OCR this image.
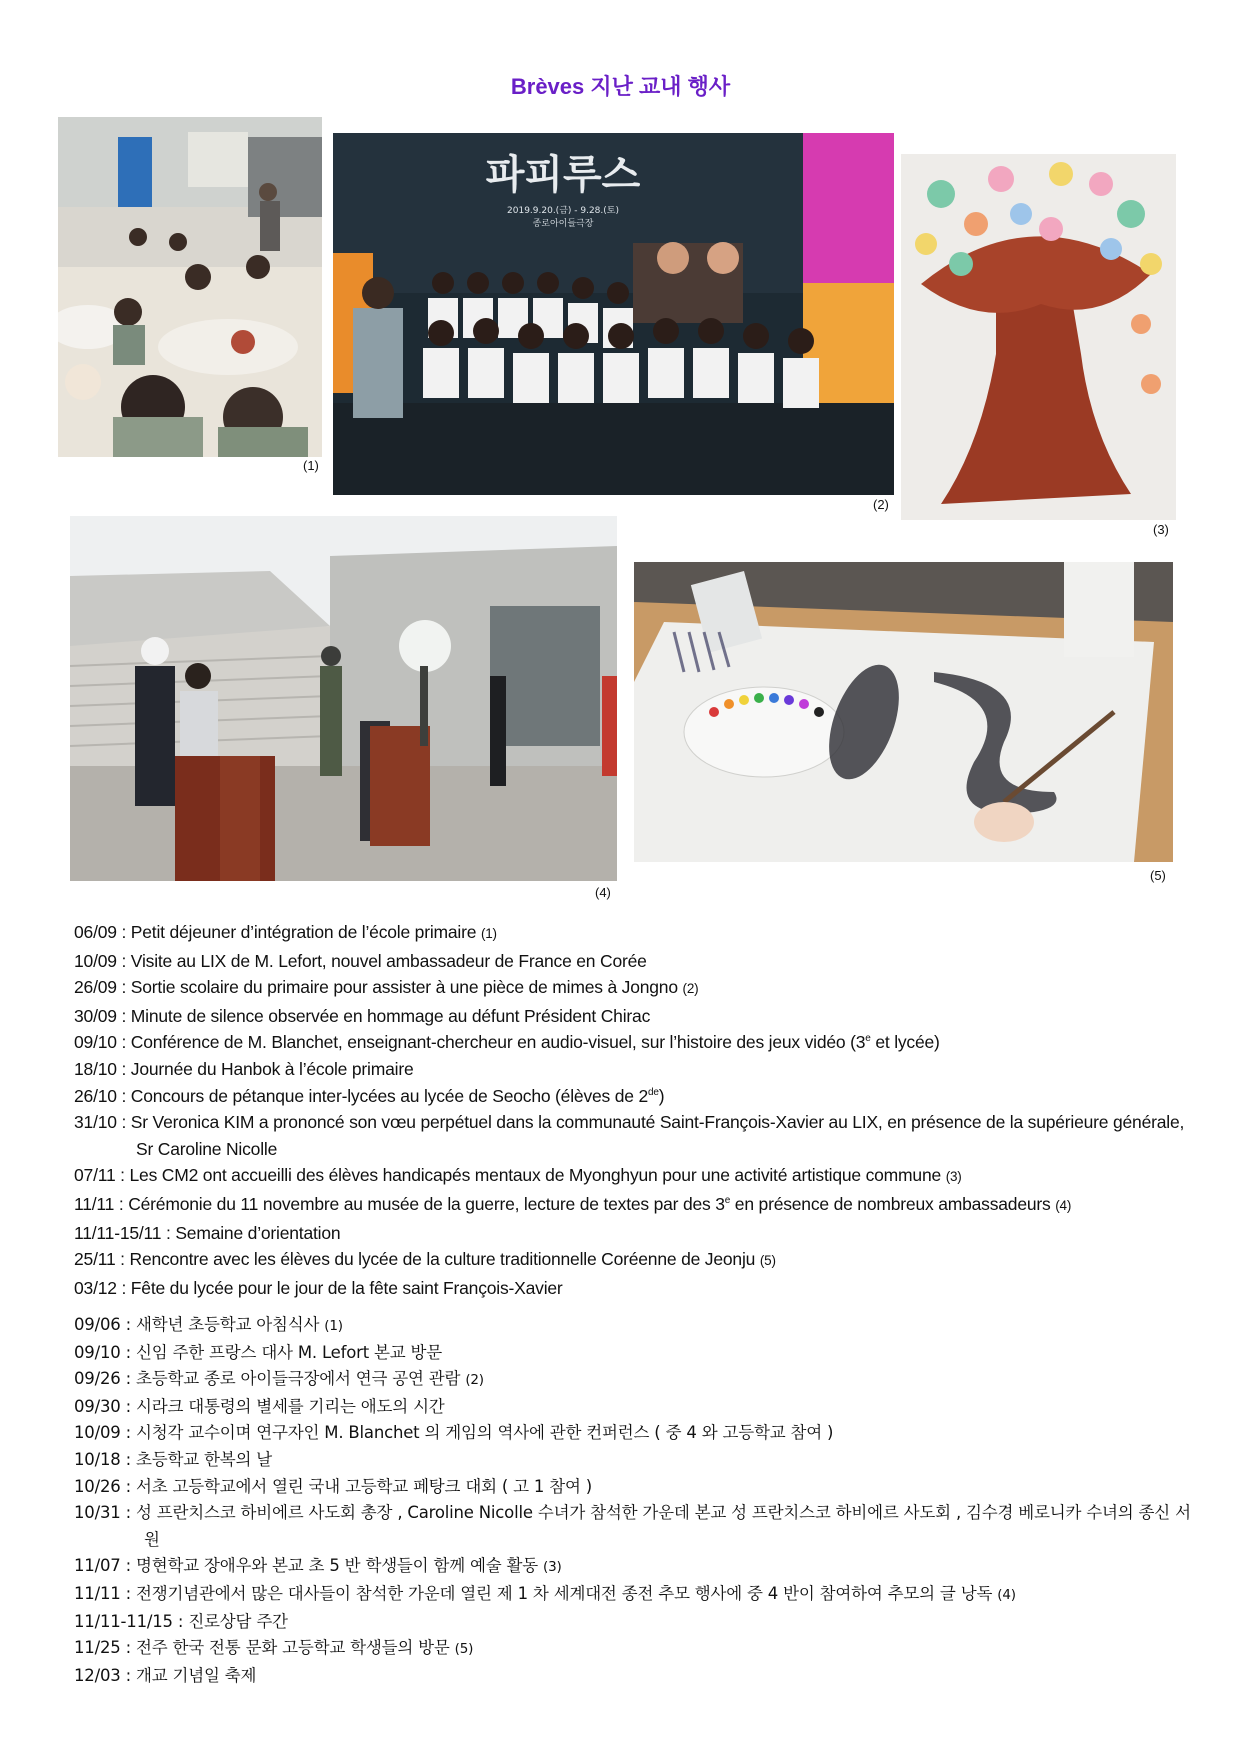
Brèves 지난 교내 행사
(1)
파피루스
2019.9.20.(금) - 9.28.(토)
종로아이들극장
(2)
(3)
(4)
(5)
06/09 : Petit déjeuner d’intégration de l’école primaire (1)
10/09 : Visite au LIX de M. Lefort, nouvel ambassadeur de France en Corée
26/09 : Sortie scolaire du primaire pour assister à une pièce de mimes à Jongno (2)
30/09 : Minute de silence observée en hommage au défunt Président Chirac
09/10 : Conférence de M. Blanchet, enseignant-chercheur en audio-visuel, sur l’histoire des jeux vidéo (3e et lycée)
18/10 : Journée du Hanbok à l’école primaire
26/10 : Concours de pétanque inter-lycées au lycée de Seocho (élèves de 2de)
31/10 : Sr Veronica KIM a prononcé son vœu perpétuel dans la communauté Saint-François-Xavier au LIX, en présence de la supérieure générale, Sr Caroline Nicolle
07/11 : Les CM2 ont accueilli des élèves handicapés mentaux de Myonghyun pour une activité artistique commune (3)
11/11 : Cérémonie du 11 novembre au musée de la guerre, lecture de textes par des 3e en présence de nombreux ambassadeurs (4)
11/11-15/11 : Semaine d’orientation
25/11 : Rencontre avec les élèves du lycée de la culture traditionnelle Coréenne de Jeonju (5)
03/12 : Fête du lycée pour le jour de la fête saint François-Xavier
09/06 : 새학년 초등학교 아침식사 (1)
09/10 : 신임 주한 프랑스 대사 M. Lefort 본교 방문
09/26 : 초등학교 종로 아이들극장에서 연극 공연 관람 (2)
09/30 : 시라크 대통령의 별세를 기리는 애도의 시간
10/09 : 시청각 교수이며 연구자인 M. Blanchet 의 게임의 역사에 관한 컨퍼런스 ( 중 4 와 고등학교 참여 )
10/18 : 초등학교 한복의 날
10/26 : 서초 고등학교에서 열린 국내 고등학교 페탕크 대회 ( 고 1 참여 )
10/31 : 성 프란치스코 하비에르 사도회 총장 , Caroline Nicolle 수녀가 참석한 가운데 본교 성 프란치스코 하비에르 사도회 , 김수경 베로니카 수녀의 종신 서원
11/07 : 명현학교 장애우와 본교 초 5 반 학생들이 함께 예술 활동 (3)
11/11 : 전쟁기념관에서 많은 대사들이 참석한 가운데 열린 제 1 차 세계대전 종전 추모 행사에 중 4 반이 참여하여 추모의 글 낭독 (4)
11/11-11/15 : 진로상담 주간
11/25 : 전주 한국 전통 문화 고등학교 학생들의 방문 (5)
12/03 : 개교 기념일 축제
